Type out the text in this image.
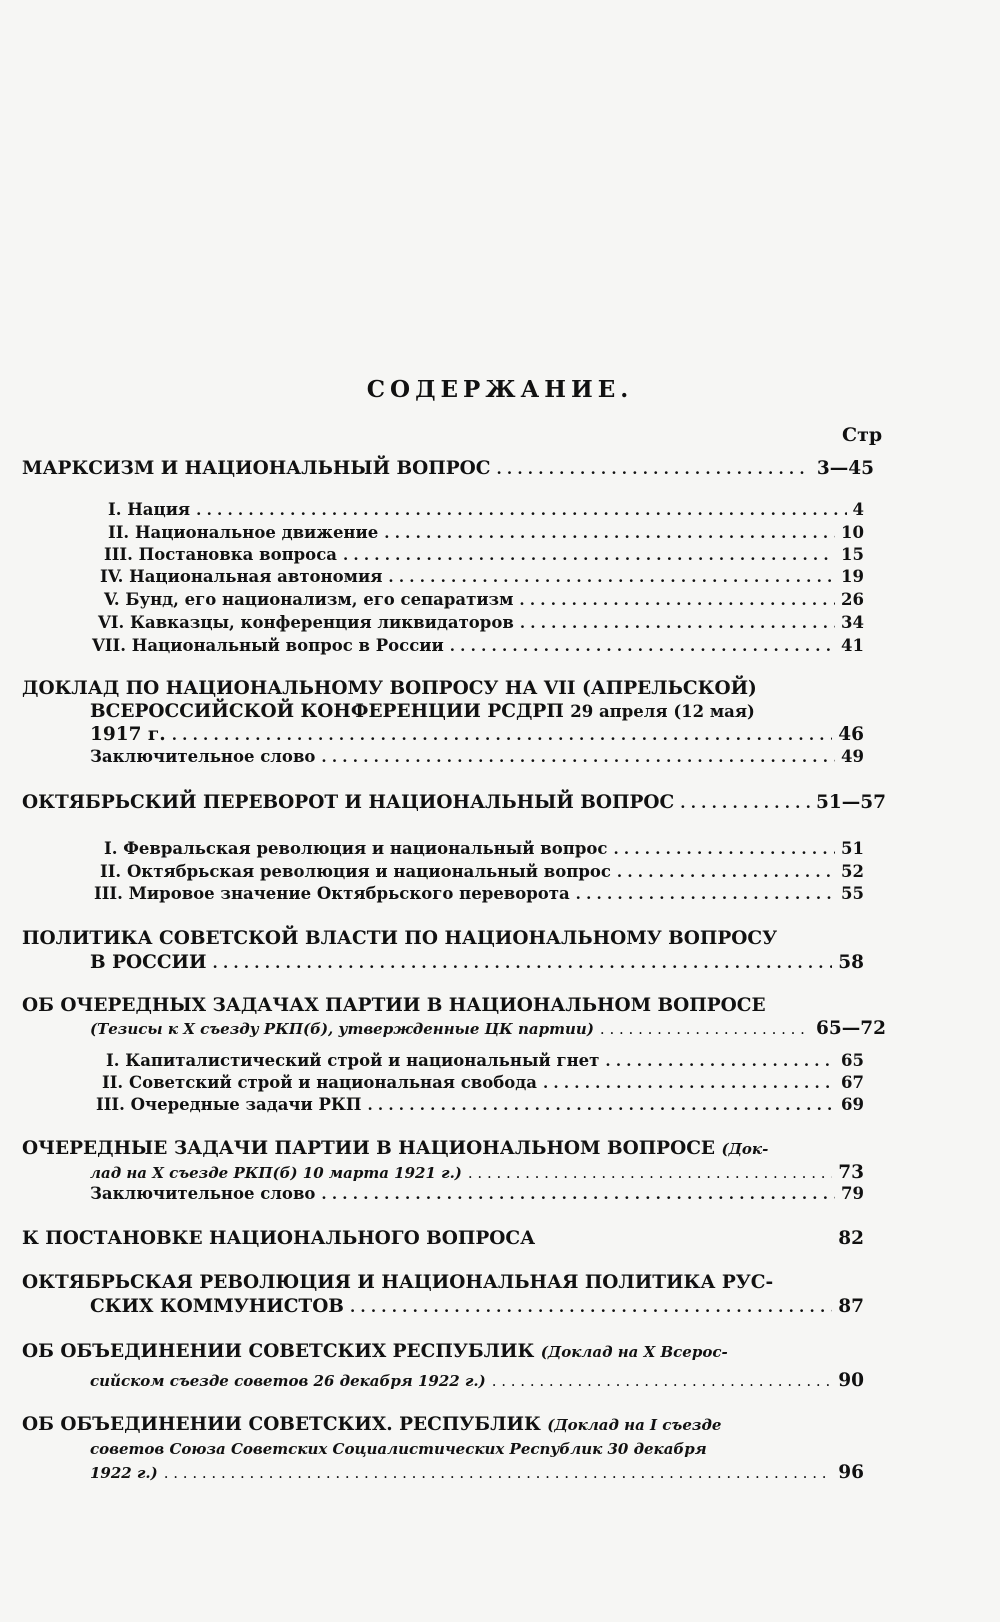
СОДЕРЖАНИЕ.
Стр
МАРКСИЗМ И НАЦИОНАЛЬНЫЙ ВОПРОС . . .	3—45
I. Нация . . .	4
II. Национальное движение . . .	10
III. Постановка вопроса . . .	15
IV. Национальная автономия . . .	19
V. Бунд, его национализм, его сепаратизм . . .	26
VI. Кавказцы, конференция ликвидаторов . . .	34
VII. Национальный вопрос в России . . .	41
ДОКЛАД ПО НАЦИОНАЛЬНОМУ ВОПРОСУ НА VII (АПРЕЛЬСКОЙ)
ВСЕРОССИЙСКОЙ КОНФЕРЕНЦИИ РСДРП 29 апреля (12 мая)
1917 г. . . .	46
Заключительное слово . . .	49
ОКТЯБРЬСКИЙ ПЕРЕВОРОТ И НАЦИОНАЛЬНЫЙ ВОПРОС . . .	51—57
I. Февральская революция и национальный вопрос . . .	51
II. Октябрьская революция и национальный вопрос . . .	52
III. Мировое значение Октябрьского переворота . . .	55
ПОЛИТИКА СОВЕТСКОЙ ВЛАСТИ ПО НАЦИОНАЛЬНОМУ ВОПРОСУ
В РОССИИ . . .	58
ОБ ОЧЕРЕДНЫХ ЗАДАЧАХ ПАРТИИ В НАЦИОНАЛЬНОМ ВОПРОСЕ
(Тезисы к X съезду РКП(б), утвержденные ЦК партии) . . .	65—72
I. Капиталистический строй и национальный гнет . . .	65
II. Советский строй и национальная свобода . . .	67
III. Очередные задачи РКП . . .	69
ОЧЕРЕДНЫЕ ЗАДАЧИ ПАРТИИ В НАЦИОНАЛЬНОМ ВОПРОСЕ (Док-
лад на X съезде РКП(б) 10 марта 1921 г.) . . .	73
Заключительное слово . . .	79
К ПОСТАНОВКЕ НАЦИОНАЛЬНОГО ВОПРОСА	82
ОКТЯБРЬСКАЯ РЕВОЛЮЦИЯ И НАЦИОНАЛЬНАЯ ПОЛИТИКА РУС-
СКИХ КОММУНИСТОВ . . .	87
ОБ ОБЪЕДИНЕНИИ СОВЕТСКИХ РЕСПУБЛИК (Доклад на X Всерос-
сийском съезде советов 26 декабря 1922 г.) . . .	90
ОБ ОБЪЕДИНЕНИИ СОВЕТСКИХ. РЕСПУБЛИК (Доклад на I съезде
советов Союза Советских Социалистических Республик 30 декабря
1922 г.) . . .	96
